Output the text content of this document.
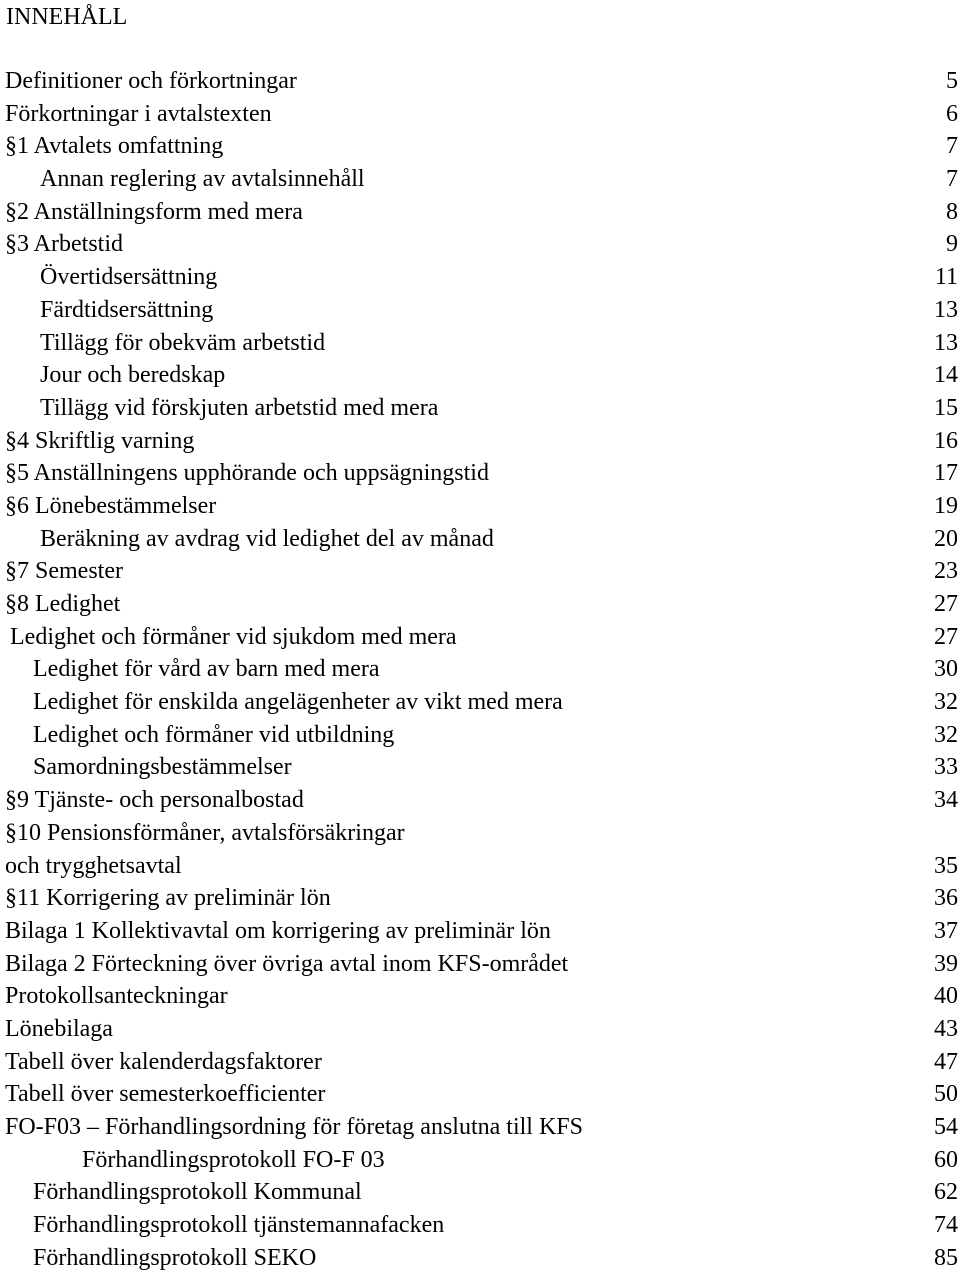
INNEHÅLL
Definitioner och förkortningar	5
Förkortningar i avtalstexten	6
§1 Avtalets omfattning	7
Annan reglering av avtalsinnehåll	7
§2 Anställningsform med mera	8
§3 Arbetstid	9
Övertidsersättning	11
Färdtidsersättning	13
Tillägg för obekväm arbetstid	13
Jour och beredskap	14
Tillägg vid förskjuten arbetstid med mera	15
§4 Skriftlig varning	16
§5 Anställningens upphörande och uppsägningstid	17
§6 Lönebestämmelser	19
Beräkning av avdrag vid ledighet del av månad	20
§7 Semester	23
§8 Ledighet	27
Ledighet och förmåner vid sjukdom med mera	27
Ledighet för vård av barn med mera	30
Ledighet för enskilda angelägenheter av vikt med mera	32
Ledighet och förmåner vid utbildning	32
Samordningsbestämmelser	33
§9 Tjänste- och personalbostad	34
§10 Pensionsförmåner, avtalsförsäkringar
och trygghetsavtal	35
§11 Korrigering av preliminär lön	36
Bilaga 1 Kollektivavtal om korrigering av preliminär lön	37
Bilaga 2 Förteckning över övriga avtal inom KFS-området	39
Protokollsanteckningar	40
Lönebilaga	43
Tabell över kalenderdagsfaktorer	47
Tabell över semesterkoefficienter	50
FO-F03 – Förhandlingsordning för företag anslutna till KFS	54
Förhandlingsprotokoll FO-F 03	60
Förhandlingsprotokoll Kommunal	62
Förhandlingsprotokoll tjänstemannafacken	74
Förhandlingsprotokoll SEKO	85
